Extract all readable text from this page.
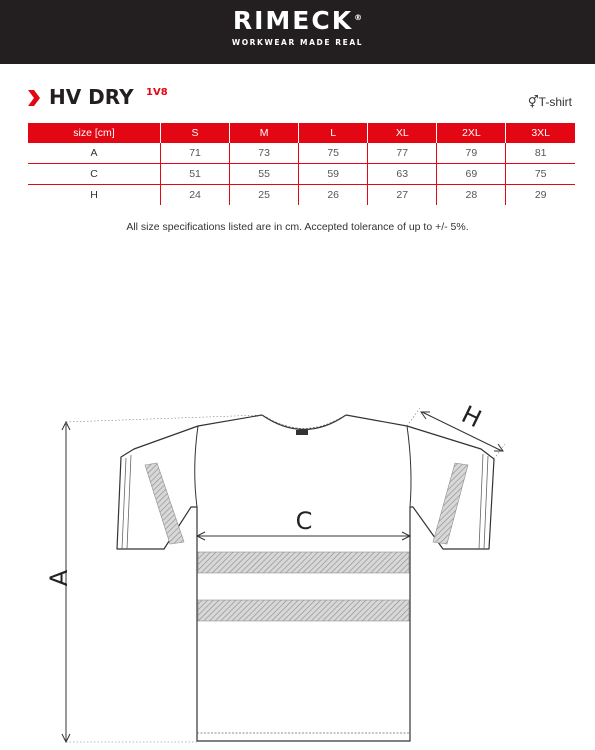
RIMECK®
WORKWEAR MADE REAL
HV DRY 1V8
⚥T-shirt
size [cm]	S	M	L	XL	2XL	3XL
A	71	73	75	77	79	81
C	51	55	59	63	69	75
H	24	25	26	27	28	29
All size specifications listed are in cm. Accepted tolerance of up to +/- 5%.
A
C
H
